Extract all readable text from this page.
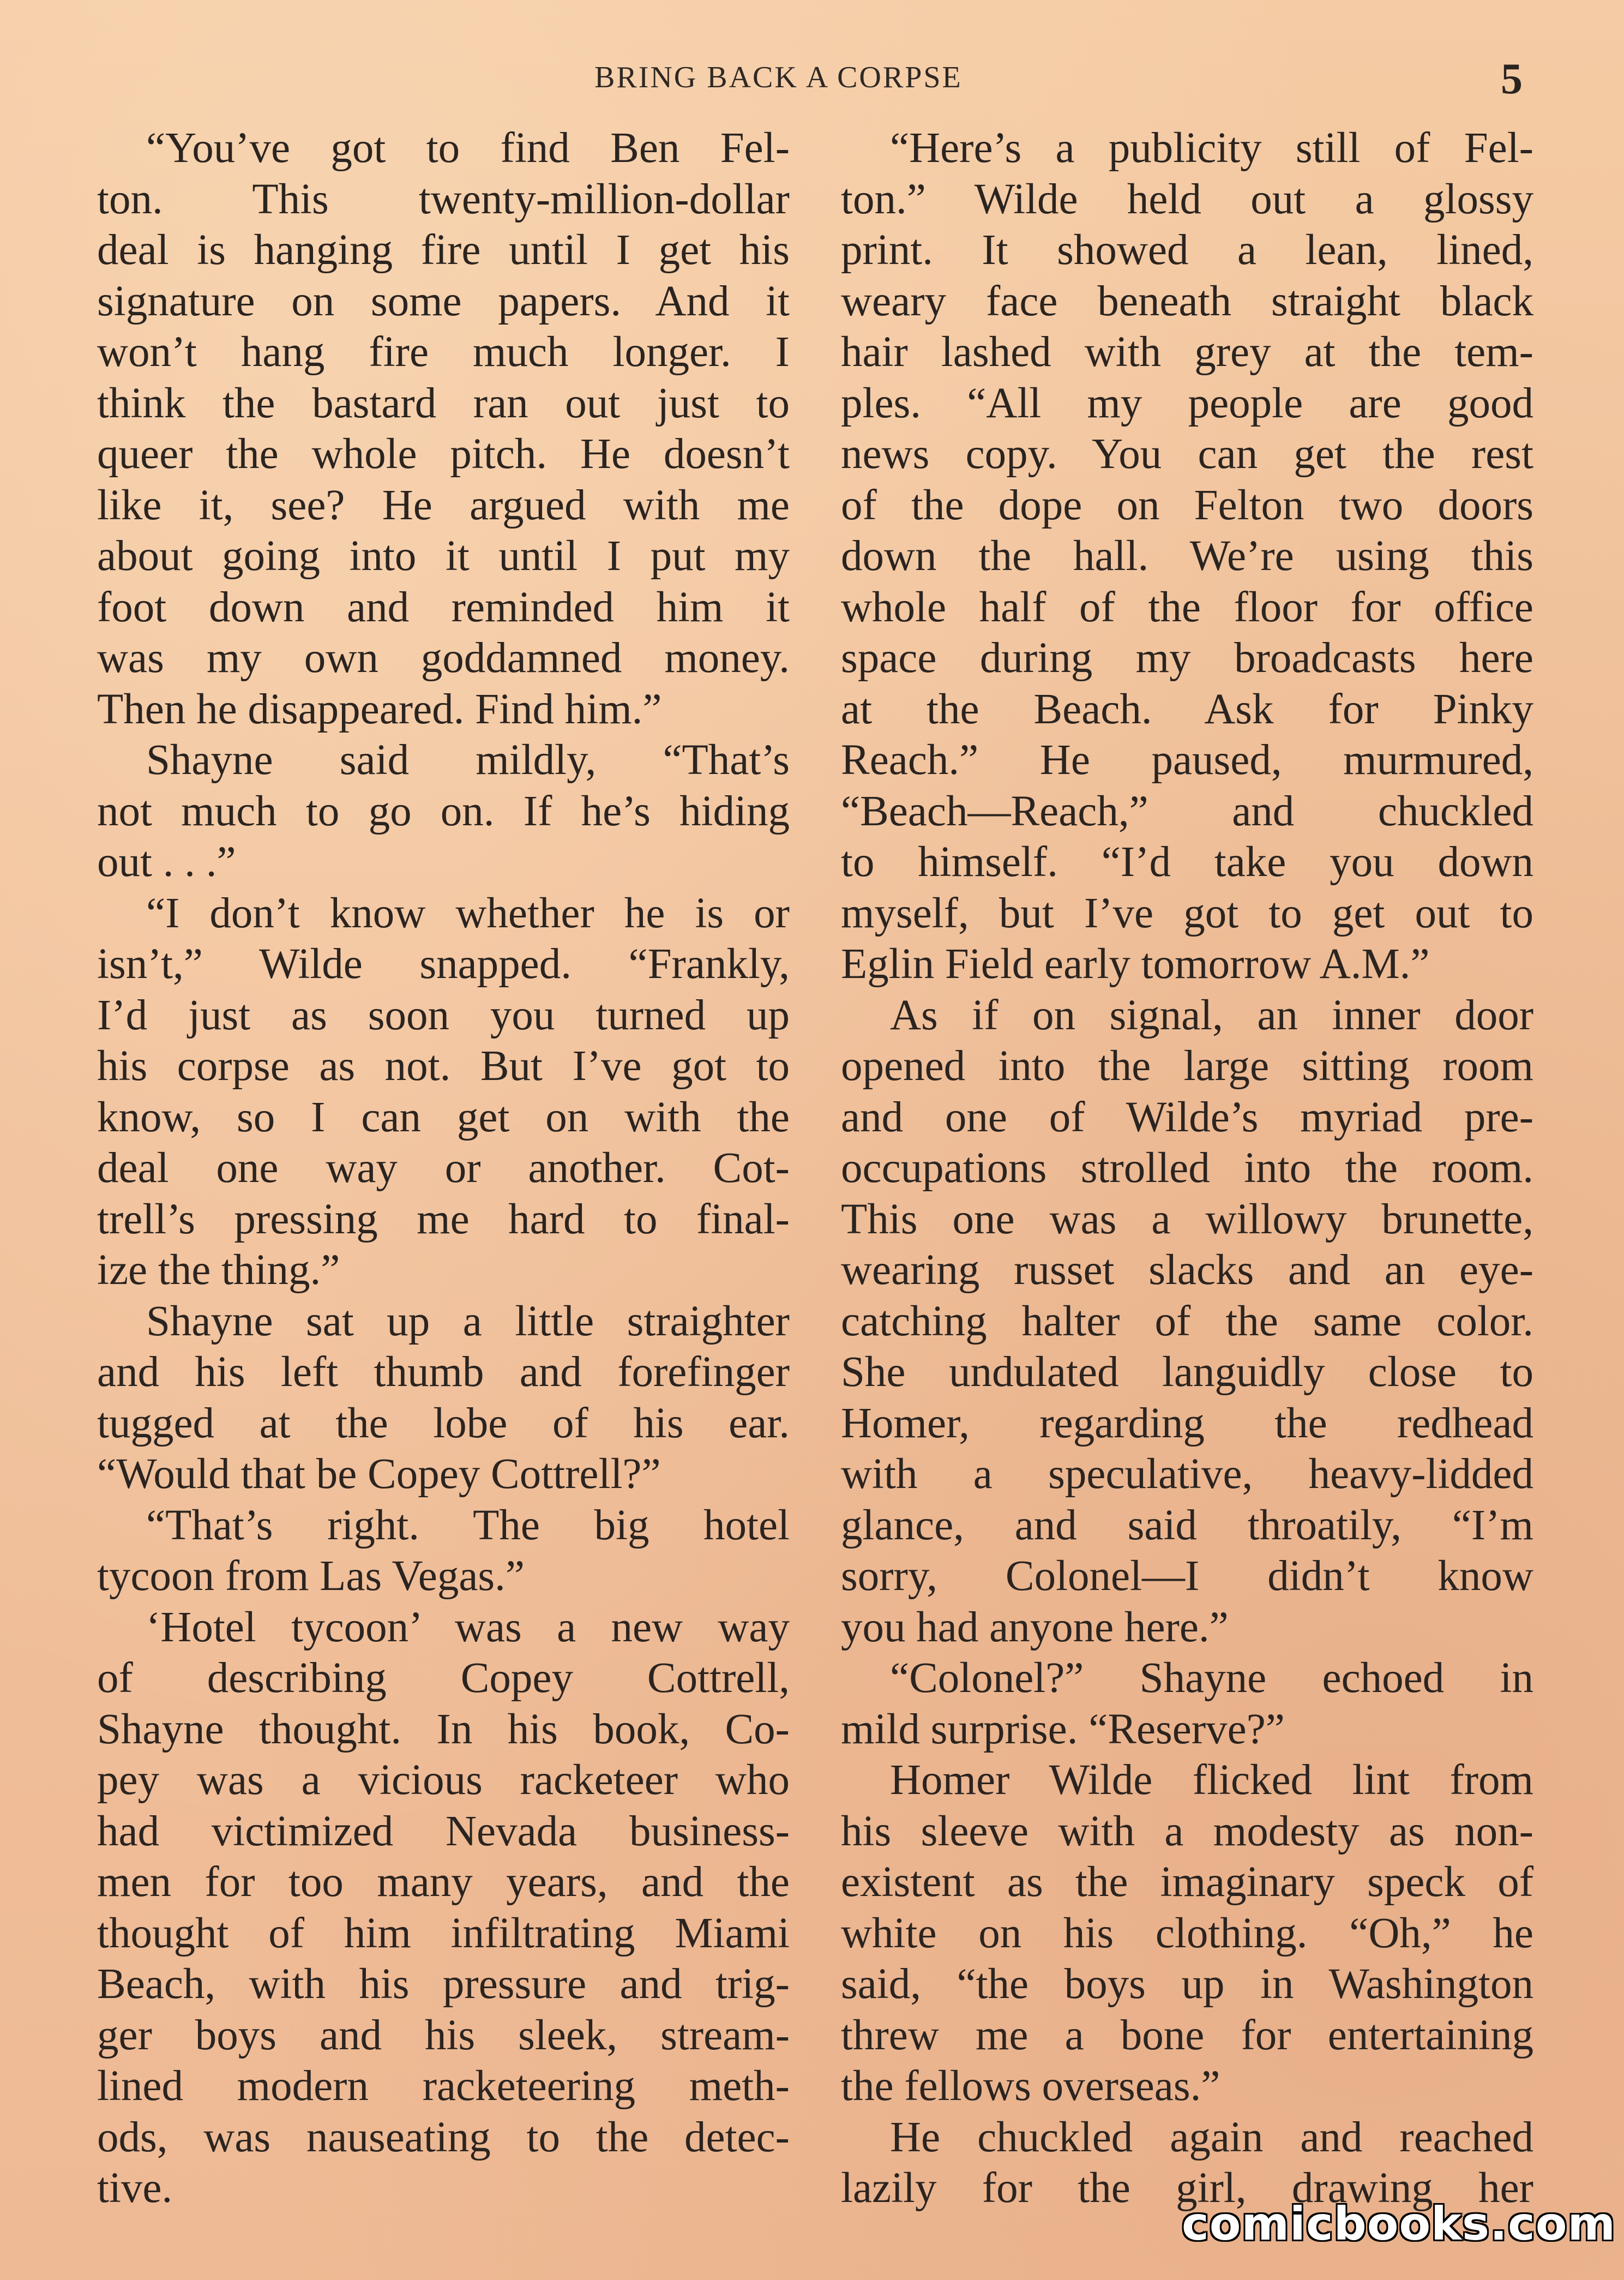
BRING BACK A CORPSE	5
“You’ve got to find Ben Fel-
ton. This twenty-million-dollar
deal is hanging fire until I get his
signature on some papers. And it
won’t hang fire much longer. I
think the bastard ran out just to
queer the whole pitch. He doesn’t
like it, see? He argued with me
about going into it until I put my
foot down and reminded him it
was my own goddamned money.
Then he disappeared. Find him.”
Shayne said mildly, “That’s
not much to go on. If he’s hiding
out . . .”
“I don’t know whether he is or
isn’t,” Wilde snapped. “Frankly,
I’d just as soon you turned up
his corpse as not. But I’ve got to
know, so I can get on with the
deal one way or another. Cot-
trell’s pressing me hard to final-
ize the thing.”
Shayne sat up a little straighter
and his left thumb and forefinger
tugged at the lobe of his ear.
“Would that be Copey Cottrell?”
“That’s right. The big hotel
tycoon from Las Vegas.”
‘Hotel tycoon’ was a new way
of describing Copey Cottrell,
Shayne thought. In his book, Co-
pey was a vicious racketeer who
had victimized Nevada business-
men for too many years, and the
thought of him infiltrating Miami
Beach, with his pressure and trig-
ger boys and his sleek, stream-
lined modern racketeering meth-
ods, was nauseating to the detec-
tive.
“Here’s a publicity still of Fel-
ton.” Wilde held out a glossy
print. It showed a lean, lined,
weary face beneath straight black
hair lashed with grey at the tem-
ples. “All my people are good
news copy. You can get the rest
of the dope on Felton two doors
down the hall. We’re using this
whole half of the floor for office
space during my broadcasts here
at the Beach. Ask for Pinky
Reach.” He paused, murmured,
“Beach—Reach,” and chuckled
to himself. “I’d take you down
myself, but I’ve got to get out to
Eglin Field early tomorrow A.M.”
As if on signal, an inner door
opened into the large sitting room
and one of Wilde’s myriad pre-
occupations strolled into the room.
This one was a willowy brunette,
wearing russet slacks and an eye-
catching halter of the same color.
She undulated languidly close to
Homer, regarding the redhead
with a speculative, heavy-lidded
glance, and said throatily, “I’m
sorry, Colonel—I didn’t know
you had anyone here.”
“Colonel?” Shayne echoed in
mild surprise. “Reserve?”
Homer Wilde flicked lint from
his sleeve with a modesty as non-
existent as the imaginary speck of
white on his clothing. “Oh,” he
said, “the boys up in Washington
threw me a bone for entertaining
the fellows overseas.”
He chuckled again and reached
lazily for the girl, drawing her
comicbooks.com
